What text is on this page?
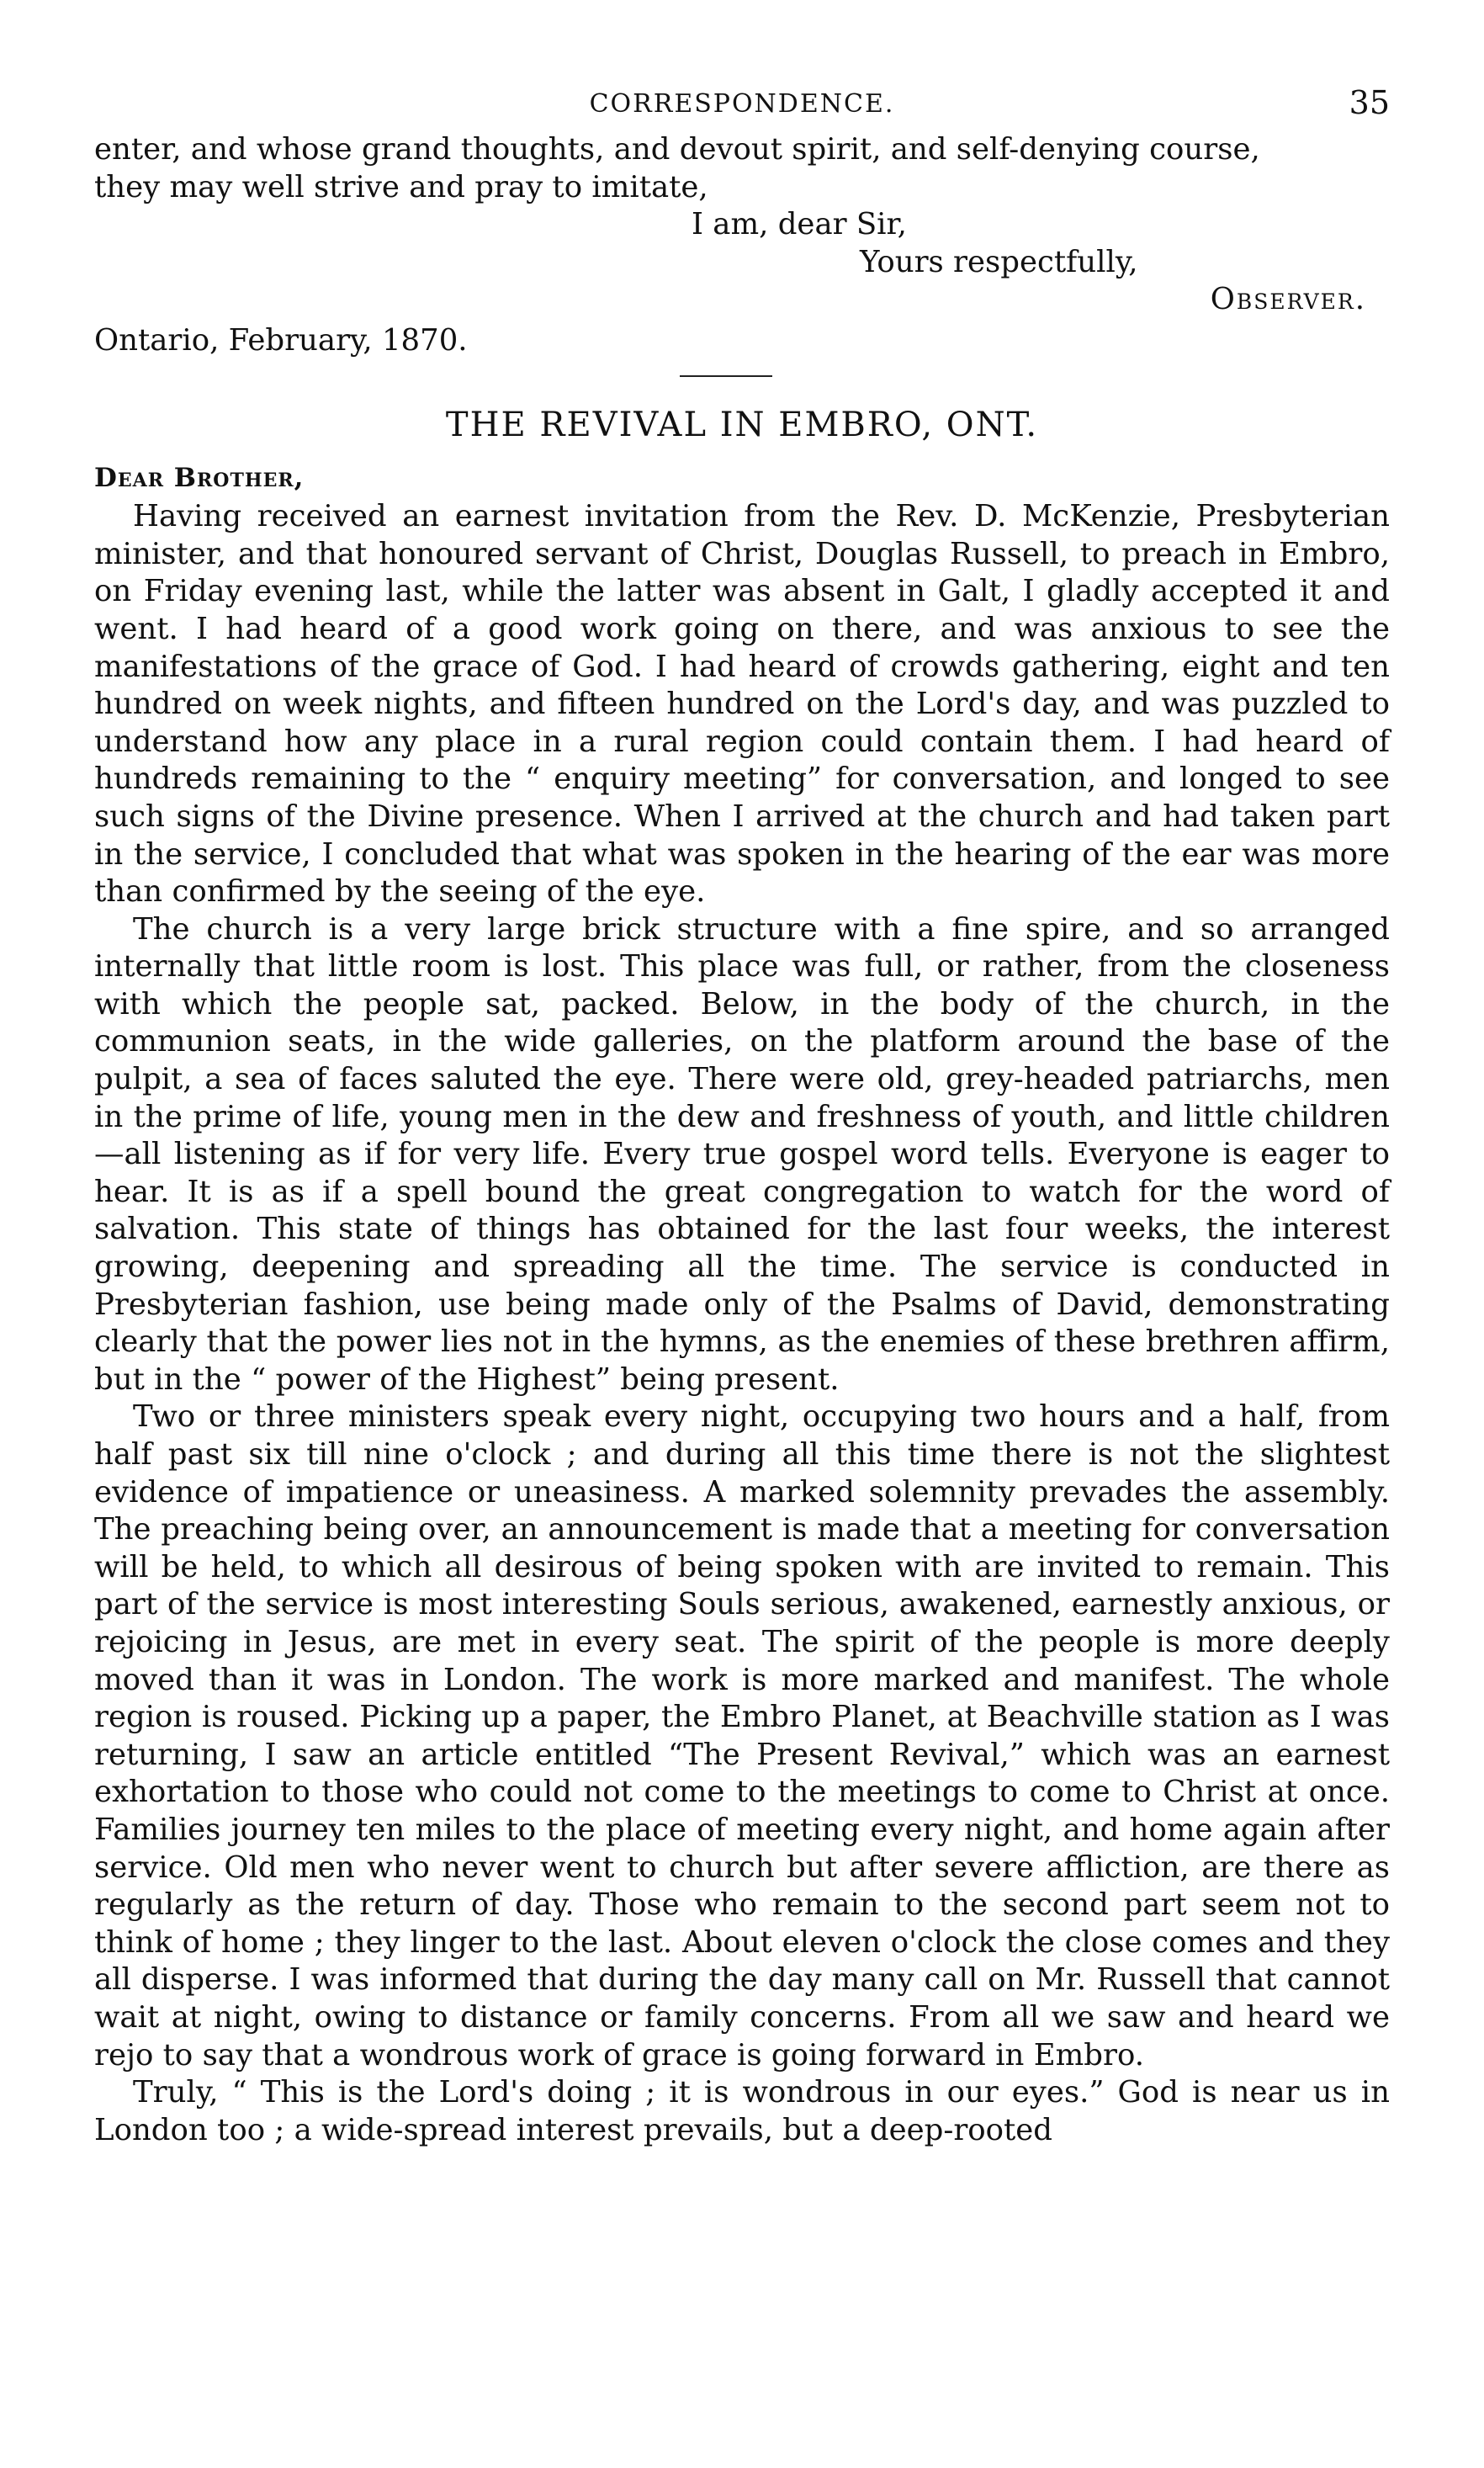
CORRESPONDENCE.	35
enter, and whose grand thoughts, and devout spirit, and self-denying course,
they may well strive and pray to imitate,
I am, dear Sir,
Yours respectfully,
Observer.
Ontario, February, 1870.
THE REVIVAL IN EMBRO, ONT.
Dear Brother,

Having received an earnest invitation from the Rev. D. McKenzie, Presbyterian minister, and that honoured servant of Christ, Douglas Russell, to preach in Embro, on Friday evening last, while the latter was absent in Galt, I gladly accepted it and went. I had heard of a good work going on there, and was anxious to see the manifestations of the grace of God. I had heard of crowds gathering, eight and ten hundred on week nights, and fifteen hundred on the Lord's day, and was puzzled to understand how any place in a rural region could contain them. I had heard of hundreds remaining to the “ enquiry meeting” for conversation, and longed to see such signs of the Divine presence. When I arrived at the church and had taken part in the service, I concluded that what was spoken in the hearing of the ear was more than confirmed by the seeing of the eye.

The church is a very large brick structure with a fine spire, and so arranged internally that little room is lost. This place was full, or rather, from the closeness with which the people sat, packed. Below, in the body of the church, in the communion seats, in the wide galleries, on the platform around the base of the pulpit, a sea of faces saluted the eye. There were old, grey-headed patriarchs, men in the prime of life, young men in the dew and freshness of youth, and little children—all listening as if for very life. Every true gospel word tells. Everyone is eager to hear. It is as if a spell bound the great congregation to watch for the word of salvation. This state of things has obtained for the last four weeks, the interest growing, deepening and spreading all the time. The service is conducted in Presbyterian fashion, use being made only of the Psalms of David, demonstrating clearly that the power lies not in the hymns, as the enemies of these brethren affirm, but in the “ power of the Highest” being present.

Two or three ministers speak every night, occupying two hours and a half, from half past six till nine o'clock ; and during all this time there is not the slightest evidence of impatience or uneasiness. A marked solemnity prevades the assembly. The preaching being over, an announcement is made that a meeting for conversation will be held, to which all desirous of being spoken with are invited to remain. This part of the service is most interesting Souls serious, awakened, earnestly anxious, or rejoicing in Jesus, are met in every seat. The spirit of the people is more deeply moved than it was in London. The work is more marked and manifest. The whole region is roused. Picking up a paper, the Embro Planet, at Beachville station as I was returning, I saw an article entitled “The Present Revival,” which was an earnest exhortation to those who could not come to the meetings to come to Christ at once. Families journey ten miles to the place of meeting every night, and home again after service. Old men who never went to church but after severe affliction, are there as regularly as the return of day. Those who remain to the second part seem not to think of home ; they linger to the last. About eleven o'clock the close comes and they all disperse. I was informed that during the day many call on Mr. Russell that cannot wait at night, owing to distance or family concerns. From all we saw and heard we rejo to say that a wondrous work of grace is going forward in Embro.

Truly, “ This is the Lord's doing ; it is wondrous in our eyes.” God is near us in London too ; a wide-spread interest prevails, but a deep-rooted
